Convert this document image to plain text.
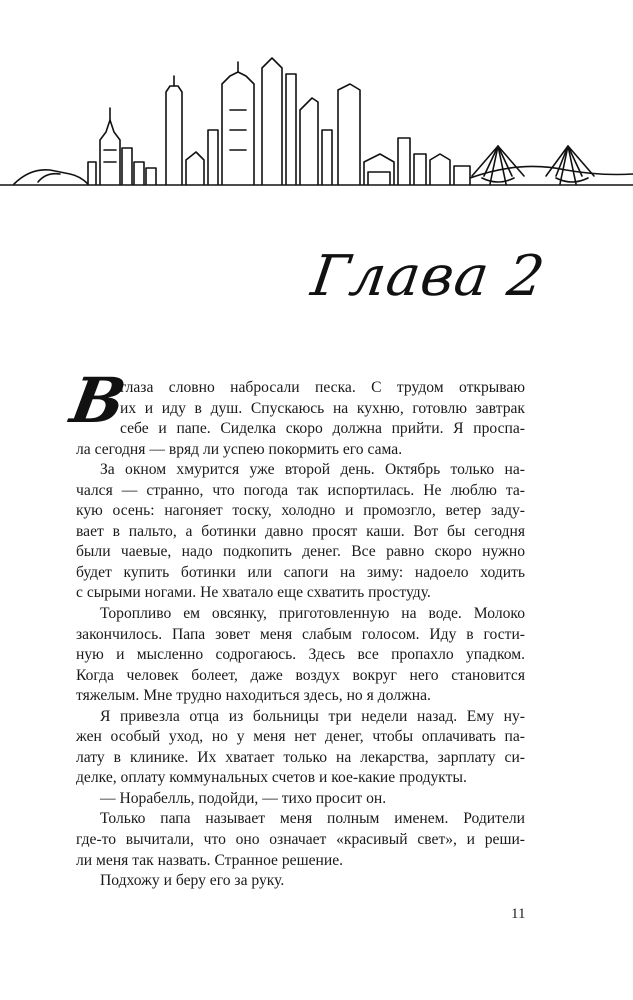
Глава 2
В
глаза словно набросали песка. С трудом открываю
их и иду в душ. Спускаюсь на кухню, готовлю завтрак
себе и папе. Сиделка скоро должна прийти. Я проспа-
ла сегодня — вряд ли успею покормить его сама.
За окном хмурится уже второй день. Октябрь только на-
чался — странно, что погода так испортилась. Не люблю та-
кую осень: нагоняет тоску, холодно и промозгло, ветер заду-
вает в пальто, а ботинки давно просят каши. Вот бы сегодня
были чаевые, надо подкопить денег. Все равно скоро нужно
будет купить ботинки или сапоги на зиму: надоело ходить
с сырыми ногами. Не хватало еще схватить простуду.
Торопливо ем овсянку, приготовленную на воде. Молоко
закончилось. Папа зовет меня слабым голосом. Иду в гости-
ную и мысленно содрогаюсь. Здесь все пропахло упадком.
Когда человек болеет, даже воздух вокруг него становится
тяжелым. Мне трудно находиться здесь, но я должна.
Я привезла отца из больницы три недели назад. Ему ну-
жен особый уход, но у меня нет денег, чтобы оплачивать па-
лату в клинике. Их хватает только на лекарства, зарплату си-
делке, оплату коммунальных счетов и кое-какие продукты.
— Норабелль, подойди, — тихо просит он.
Только папа называет меня полным именем. Родители
где-то вычитали, что оно означает «красивый свет», и реши-
ли меня так назвать. Странное решение.
Подхожу и беру его за руку.
11
